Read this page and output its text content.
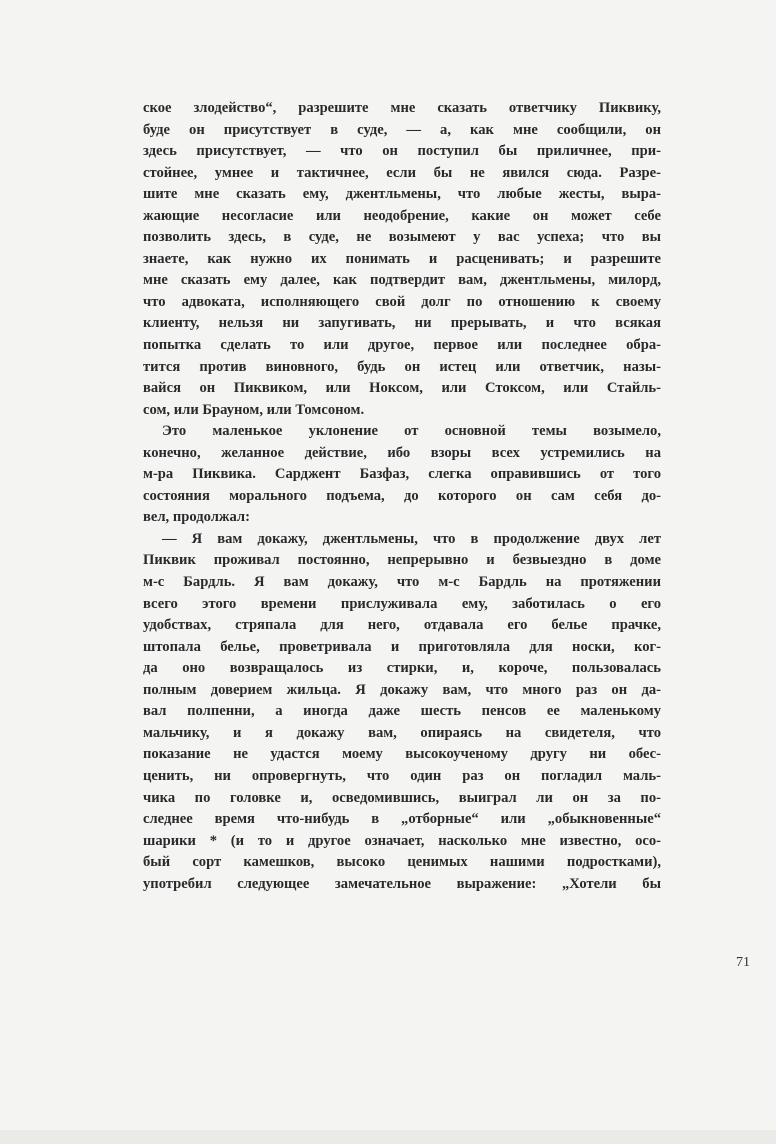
ское злодейство“, разрешите мне сказать ответчику Пиквику,
буде он присутствует в суде, — а, как мне сообщили, он
здесь присутствует, — что он поступил бы приличнее, при-
стойнее, умнее и тактичнее, если бы не явился сюда. Разре-
шите мне сказать ему, джентльмены, что любые жесты, выра-
жающие несогласие или неодобрение, какие он может себе
позволить здесь, в суде, не возымеют у вас успеха; что вы
знаете, как нужно их понимать и расценивать; и разрешите
мне сказать ему далее, как подтвердит вам, джентльмены, милорд,
что адвоката, исполняющего свой долг по отношению к своему
клиенту, нельзя ни запугивать, ни прерывать, и что всякая
попытка сделать то или другое, первое или последнее обра-
тится против виновного, будь он истец или ответчик, назы-
вайся он Пиквиком, или Ноксом, или Стоксом, или Стайль-
сом, или Брауном, или Томсоном.
Это маленькое уклонение от основной темы возымело,
конечно, желанное действие, ибо взоры всех устремились на
м-ра Пиквика. Сарджент Базфаз, слегка оправившись от того
состояния морального подъема, до которого он сам себя до-
вел, продолжал:
— Я вам докажу, джентльмены, что в продолжение двух лет
Пиквик проживал постоянно, непрерывно и безвыездно в доме
м-с Бардль. Я вам докажу, что м-с Бардль на протяжении
всего этого времени прислуживала ему, заботилась о его
удобствах, стряпала для него, отдавала его белье прачке,
штопала белье, проветривала и приготовляла для носки, ког-
да оно возвращалось из стирки, и, короче, пользовалась
полным доверием жильца. Я докажу вам, что много раз он да-
вал полпенни, а иногда даже шесть пенсов ее маленькому
мальчику, и я докажу вам, опираясь на свидетеля, что
показание не удастся моему высокоученому другу ни обес-
ценить, ни опровергнуть, что один раз он погладил маль-
чика по головке и, осведомившись, выиграл ли он за по-
следнее время что-нибудь в „отборные“ или „обыкновенные“
шарики * (и то и другое означает, насколько мне известно, осо-
бый сорт камешков, высоко ценимых нашими подростками),
употребил следующее замечательное выражение: „Хотели бы
71
